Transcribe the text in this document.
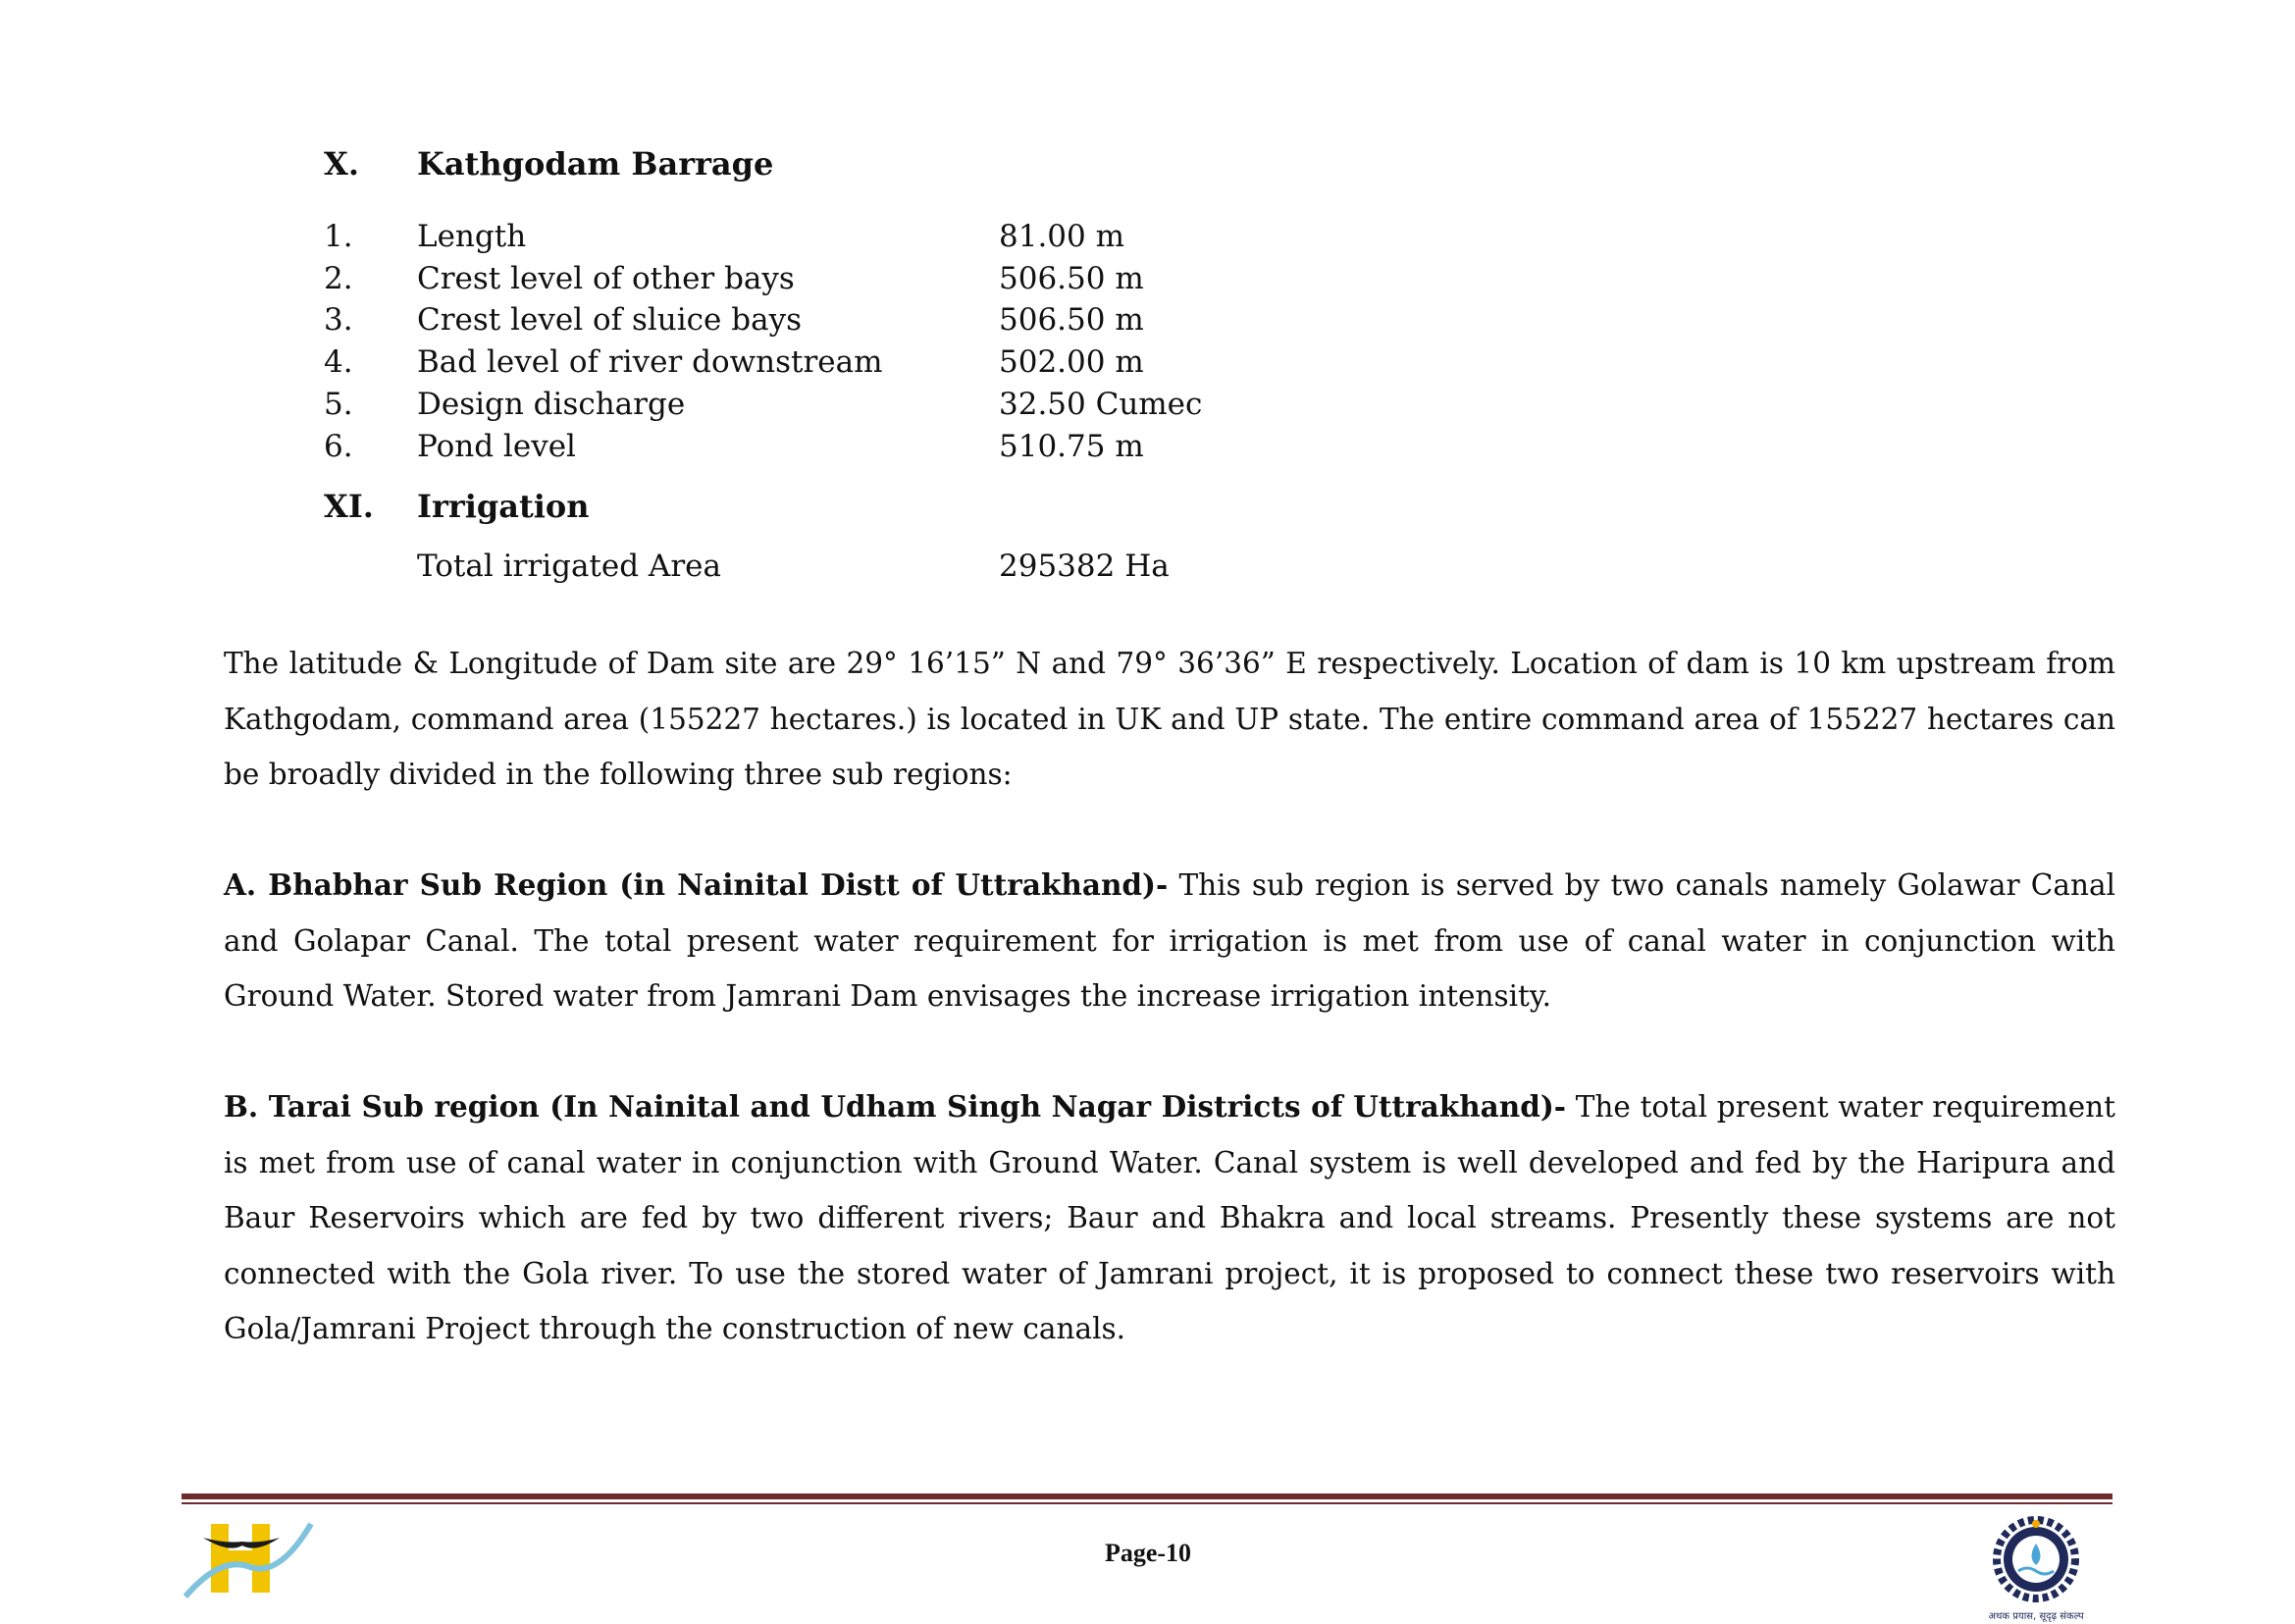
X. Kathgodam Barrage
1. Length	81.00 m
2. Crest level of other bays	506.50 m
3. Crest level of sluice bays	506.50 m
4. Bad level of river downstream	502.00 m
5. Design discharge	32.50 Cumec
6. Pond level	510.75 m
XI. Irrigation
Total irrigated Area	295382 Ha
The latitude & Longitude of Dam site are 29° 16’15” N and 79° 36’36” E respectively. Location of dam is 10 km upstream from Kathgodam, command area (155227 hectares.) is located in UK and UP state. The entire command area of 155227 hectares can be broadly divided in the following three sub regions:
A. Bhabhar Sub Region (in Nainital Distt of Uttrakhand)- This sub region is served by two canals namely Golawar Canal and Golapar Canal. The total present water requirement for irrigation is met from use of canal water in conjunction with Ground Water. Stored water from Jamrani Dam envisages the increase irrigation intensity.
B. Tarai Sub region (In Nainital and Udham Singh Nagar Districts of Uttrakhand)- The total present water requirement is met from use of canal water in conjunction with Ground Water. Canal system is well developed and fed by the Haripura and Baur Reservoirs which are fed by two different rivers; Baur and Bhakra and local streams. Presently these systems are not connected with the Gola river. To use the stored water of Jamrani project, it is proposed to connect these two reservoirs with Gola/Jamrani Project through the construction of new canals.
Page-10
अथक प्रयास, सूदृढ़ संकल्प
